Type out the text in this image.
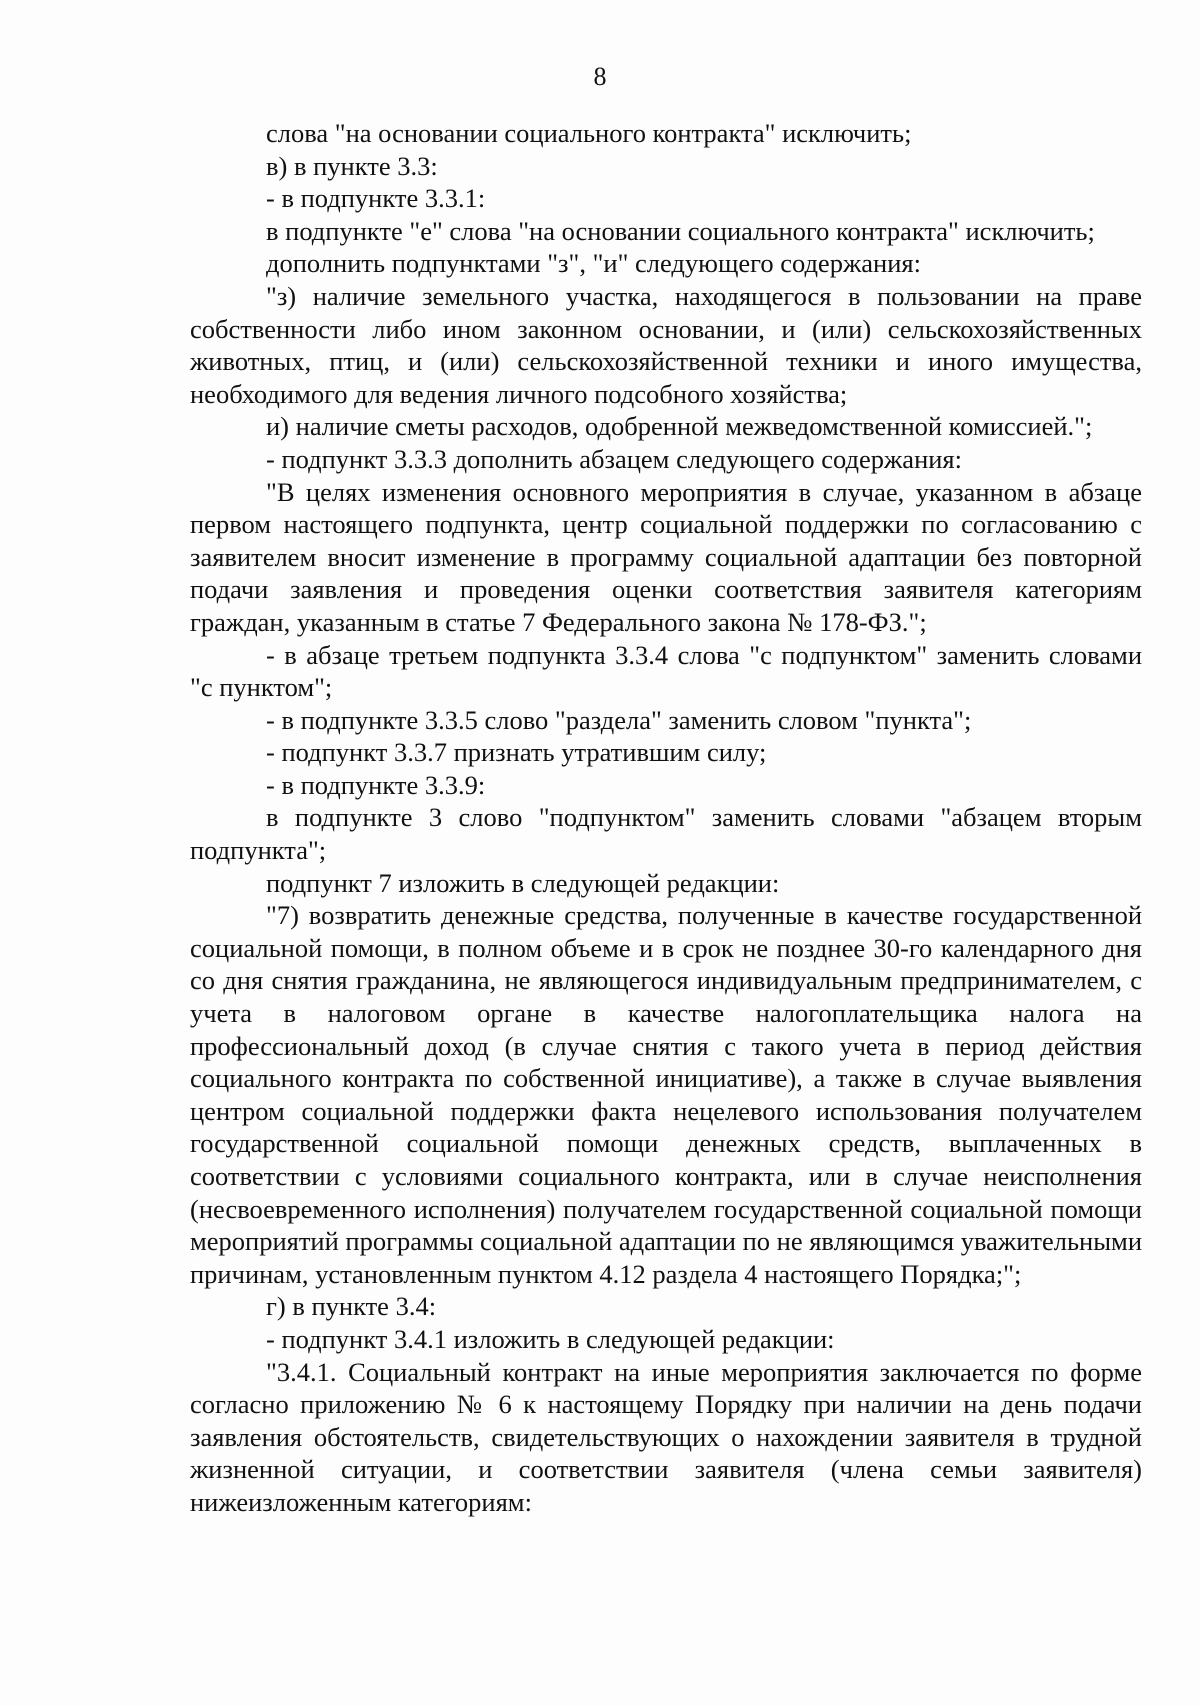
8

слова "на основании социального контракта" исключить;

в) в пункте 3.3:

- в подпункте 3.3.1:

в подпункте "е" слова "на основании социального контракта" исключить;

дополнить подпунктами "з", "и" следующего содержания:

"з) наличие земельного участка, находящегося в пользовании на праве собственности либо ином законном основании, и (или) сельскохозяйственных животных, птиц, и (или) сельскохозяйственной техники и иного имущества, необходимого для ведения личного подсобного хозяйства;

и) наличие сметы расходов, одобренной межведомственной комиссией.";

- подпункт 3.3.3 дополнить абзацем следующего содержания:

"В целях изменения основного мероприятия в случае, указанном в абзаце первом настоящего подпункта, центр социальной поддержки по согласованию с заявителем вносит изменение в программу социальной адаптации без повторной подачи заявления и проведения оценки соответствия заявителя категориям граждан, указанным в статье 7 Федерального закона № 178-ФЗ.";

- в абзаце третьем подпункта 3.3.4 слова "с подпунктом" заменить словами "с пунктом";

- в подпункте 3.3.5 слово "раздела" заменить словом "пункта";

- подпункт 3.3.7 признать утратившим силу;

- в подпункте 3.3.9:

в подпункте 3 слово "подпунктом" заменить словами "абзацем вторым подпункта";

подпункт 7 изложить в следующей редакции:

"7) возвратить денежные средства, полученные в качестве государственной социальной помощи, в полном объеме и в срок не позднее 30-го календарного дня со дня снятия гражданина, не являющегося индивидуальным предпринимателем, с учета в налоговом органе в качестве налогоплательщика налога на профессиональный доход (в случае снятия с такого учета в период действия социального контракта по собственной инициативе), а также в случае выявления центром социальной поддержки факта нецелевого использования получателем государственной социальной помощи денежных средств, выплаченных в соответствии с условиями социального контракта, или в случае неисполнения (несвоевременного исполнения) получателем государственной социальной помощи мероприятий программы социальной адаптации по не являющимся уважительными причинам, установленным пунктом 4.12 раздела 4 настоящего Порядка;";

г) в пункте 3.4:

- подпункт 3.4.1 изложить в следующей редакции:

"3.4.1. Социальный контракт на иные мероприятия заключается по форме согласно приложению № 6 к настоящему Порядку при наличии на день подачи заявления обстоятельств, свидетельствующих о нахождении заявителя в трудной жизненной ситуации, и соответствии заявителя (члена семьи заявителя) нижеизложенным категориям:
